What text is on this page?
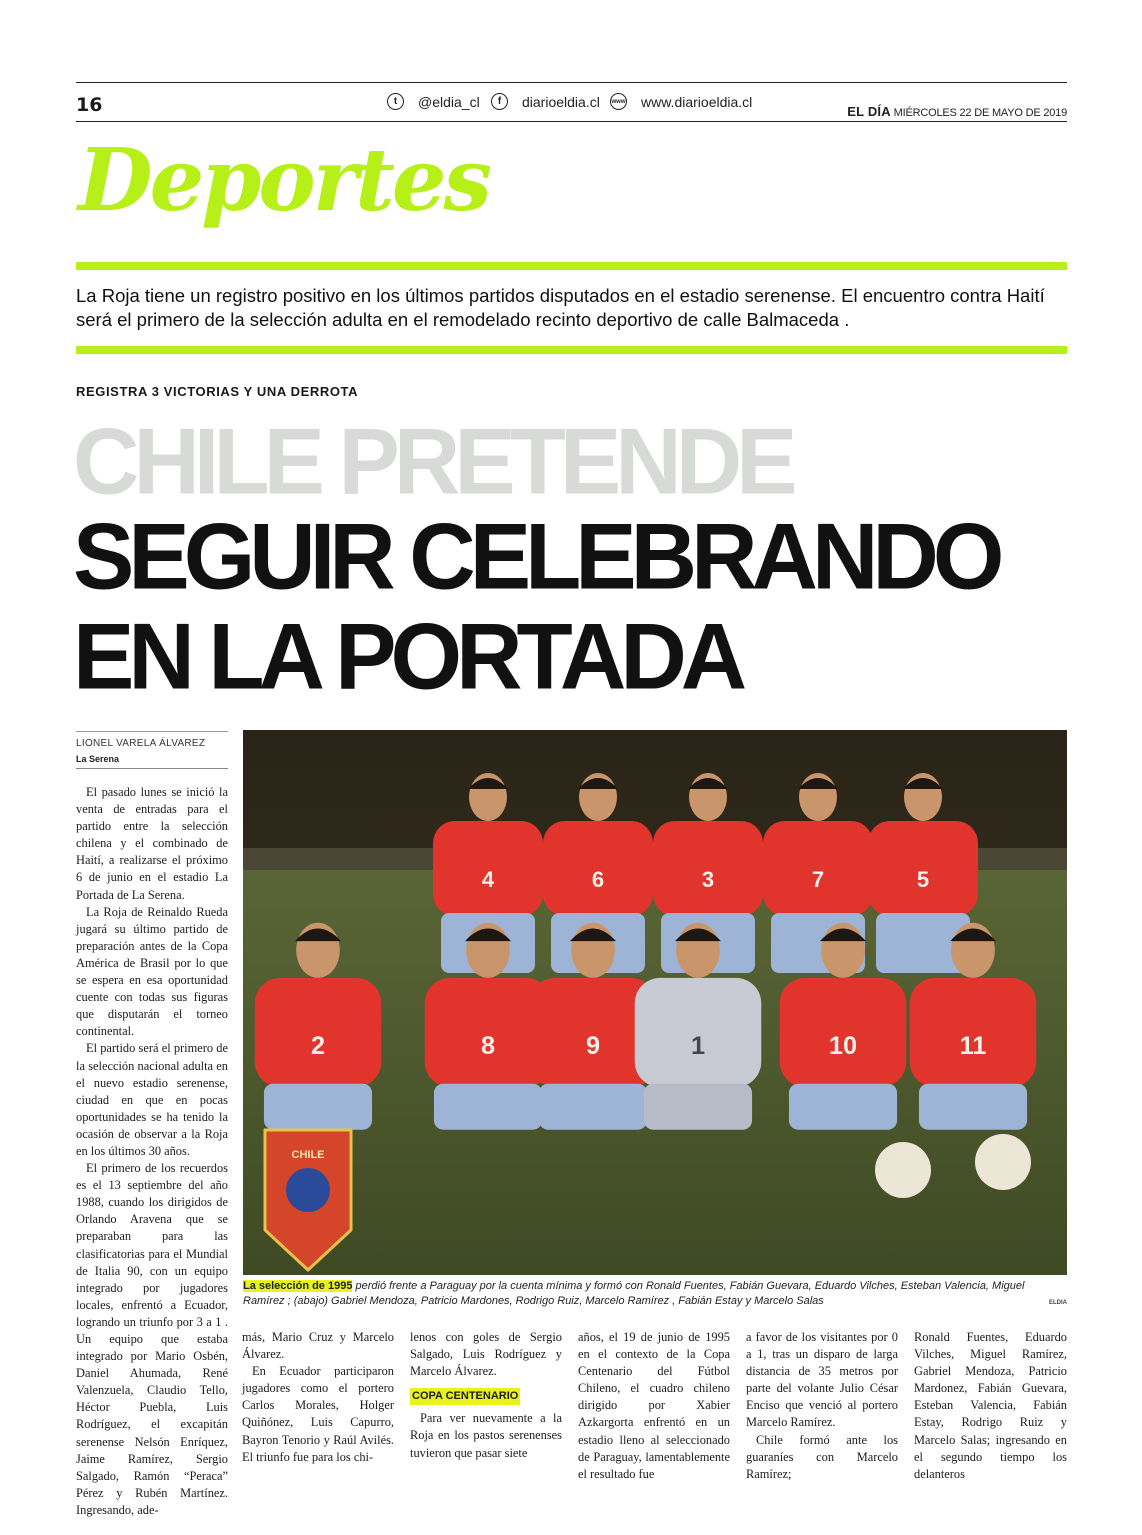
16	t	@eldia_cl	f	diarioeldia.cl www www.diarioeldia.cl
EL DÍA MIÉRCOLES 22 DE MAYO DE 2019
Deportes
La Roja tiene un registro positivo en los últimos partidos disputados en el estadio serenense. El encuentro contra Haití será el primero de la selección adulta en el remodelado recinto deportivo de calle Balmaceda .
REGISTRA 3 VICTORIAS Y UNA DERROTA
CHILE PRETENDE
SEGUIR CELEBRANDO
EN LA PORTADA
LIONEL VARELA ÁLVAREZ
La Serena

El pasado lunes se inició la venta de entradas para el partido entre la selección chilena y el combinado de Haití, a realizarse el próximo 6 de junio en el estadio La Portada de La Serena.

La Roja de Reinaldo Rueda jugará su último partido de preparación antes de la Copa América de Brasil por lo que se espera en esa oportunidad cuente con todas sus figuras que disputarán el torneo continental.

El partido será el primero de la selección nacional adulta en el nuevo estadio serenense, ciudad en que en pocas oportunidades se ha tenido la ocasión de observar a la Roja en los últimos 30 años.

El primero de los recuerdos es el 13 septiembre del año 1988, cuando los dirigidos de Orlando Aravena que se preparaban para las clasificatorias para el Mundial de Italia 90, con un equipo integrado por jugadores locales, enfrentó a Ecuador, logrando un triunfo por 3 a 1 . Un equipo que estaba integrado por Mario Osbén, Daniel Ahumada, René Valenzuela, Claudio Tello, Héctor Puebla, Luis Rodríguez, el excapitán serenense Nelsón Enríquez, Jaime Ramírez, Sergio Salgado, Ramón “Peraca” Pérez y Rubén Martínez. Ingresando, ade-

más, Mario Cruz y Marcelo Álvarez.

En Ecuador participaron jugadores como el portero Carlos Morales, Holger Quiñónez, Luis Capurro, Bayron Tenorio y Raúl Avilés. El triunfo fue para los chi-

lenos con goles de Sergio Salgado, Luis Rodríguez y Marcelo Álvarez.

COPA CENTENARIO

Para ver nuevamente a la Roja en los pastos serenenses tuvieron que pasar siete

años, el 19 de junio de 1995 en el contexto de la Copa Centenario del Fútbol Chileno, el cuadro chileno dirigido por Xabier Azkargorta enfrentó en un estadio lleno al seleccionado de Paraguay, lamentablemente el resultado fue

a favor de los visitantes por 0 a 1, tras un disparo de larga distancia de 35 metros por parte del volante Julio César Enciso que venció al portero Marcelo Ramírez.

Chile formó ante los guaraníes con Marcelo Ramírez;

Ronald Fuentes, Eduardo Vilches, Miguel Ramírez, Gabriel Mendoza, Patricio Mardonez, Fabián Guevara, Esteban Valencia, Fabián Estay, Rodrigo Ruiz y Marcelo Salas; ingresando en el segundo tiempo los delanteros

4	6	3	7	5
2	8	9	1	10	11
CHILE
La selección de 1995 perdió frente a Paraguay por la cuenta mínima y formó con Ronald Fuentes, Fabián Guevara, Eduardo Vilches, Esteban Valencia, Miguel Ramírez ; (abajo) Gabriel Mendoza, Patricio Mardones, Rodrigo Ruiz, Marcelo Ramírez , Fabián Estay y Marcelo Salas	ELDIA
